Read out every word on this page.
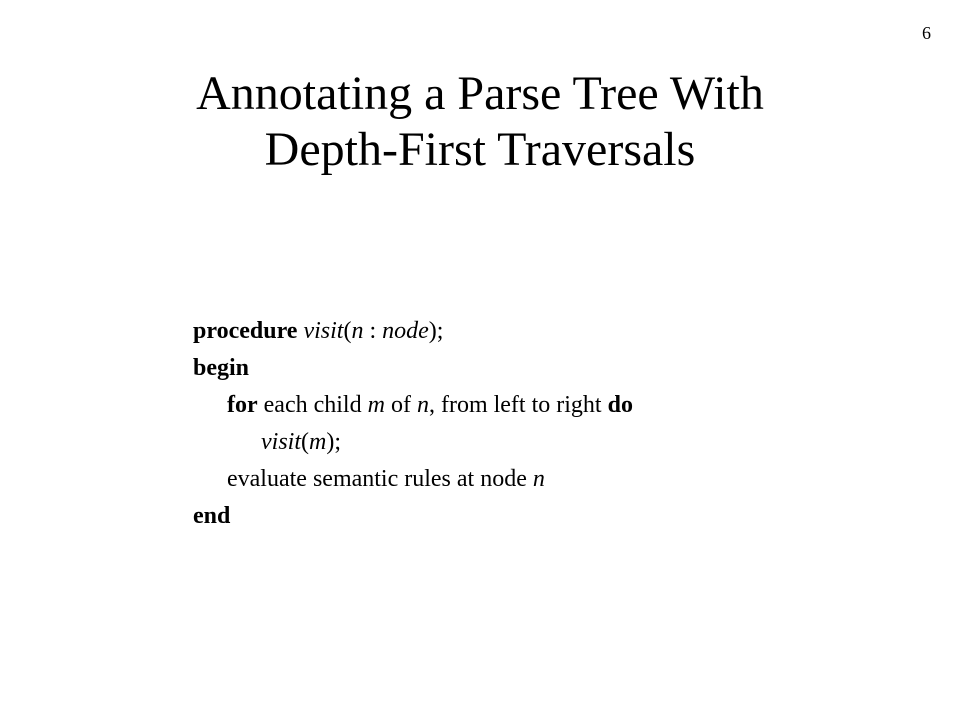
6
Annotating a Parse Tree With
Depth-First Traversals
procedure visit(n : node);
begin
for each child m of n, from left to right do
visit(m);
evaluate semantic rules at node n
end
